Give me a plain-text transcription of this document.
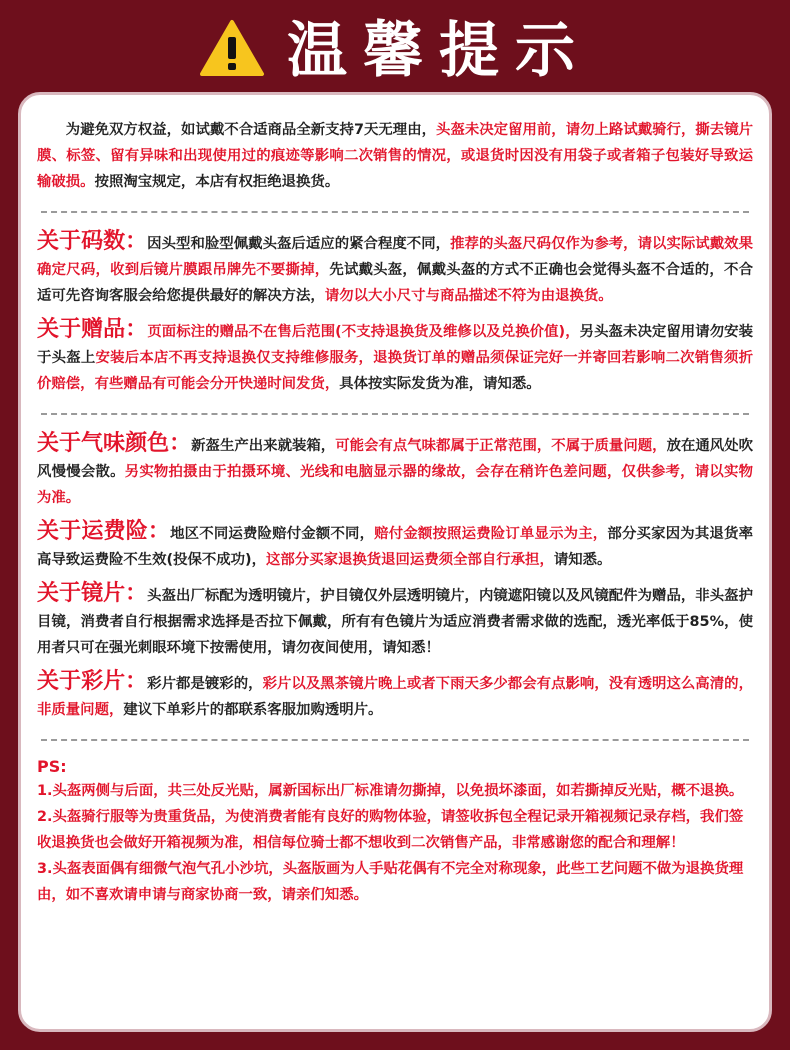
温馨提示

为避免双方权益，如试戴不合适商品全新支持7天无理由，头盔未决定留用前，请勿上路试戴骑行，撕去镜片膜、标签、留有异味和出现使用过的痕迹等影响二次销售的情况，或退货时因没有用袋子或者箱子包装好导致运输破损。按照淘宝规定，本店有权拒绝退换货。

关于码数：因头型和脸型佩戴头盔后适应的紧合程度不同，推荐的头盔尺码仅作为参考，请以实际试戴效果确定尺码，收到后镜片膜跟吊牌先不要撕掉，先试戴头盔，佩戴头盔的方式不正确也会觉得头盔不合适的，不合适可先咨询客服会给您提供最好的解决方法，请勿以大小尺寸与商品描述不符为由退换货。

关于赠品：页面标注的赠品不在售后范围(不支持退换货及维修以及兑换价值)，另头盔未决定留用请勿安装于头盔上安装后本店不再支持退换仅支持维修服务，退换货订单的赠品须保证完好一并寄回若影响二次销售须折价赔偿，有些赠品有可能会分开快递时间发货，具体按实际发货为准，请知悉。

关于气味颜色：新盔生产出来就装箱，可能会有点气味都属于正常范围，不属于质量问题，放在通风处吹风慢慢会散。另实物拍摄由于拍摄环境、光线和电脑显示器的缘故，会存在稍许色差问题，仅供参考，请以实物为准。

关于运费险：地区不同运费险赔付金额不同，赔付金额按照运费险订单显示为主，部分买家因为其退货率高导致运费险不生效(投保不成功)，这部分买家退换货退回运费须全部自行承担，请知悉。

关于镜片：头盔出厂标配为透明镜片，护目镜仅外层透明镜片，内镜遮阳镜以及风镜配件为赠品，非头盔护目镜，消费者自行根据需求选择是否拉下佩戴，所有有色镜片为适应消费者需求做的选配，透光率低于85%，使用者只可在强光刺眼环境下按需使用，请勿夜间使用，请知悉！

关于彩片：彩片都是镀彩的，彩片以及黑茶镜片晚上或者下雨天多少都会有点影响，没有透明这么高清的，非质量问题，建议下单彩片的都联系客服加购透明片。

PS:

1.头盔两侧与后面，共三处反光贴，属新国标出厂标准请勿撕掉，以免损坏漆面，如若撕掉反光贴，概不退换。

2.头盔骑行服等为贵重货品，为使消费者能有良好的购物体验，请签收拆包全程记录开箱视频记录存档，我们签收退换货也会做好开箱视频为准，相信每位骑士都不想收到二次销售产品，非常感谢您的配合和理解！

3.头盔表面偶有细微气泡气孔小沙坑，头盔版画为人手贴花偶有不完全对称现象，此些工艺问题不做为退换货理由，如不喜欢请申请与商家协商一致，请亲们知悉。
